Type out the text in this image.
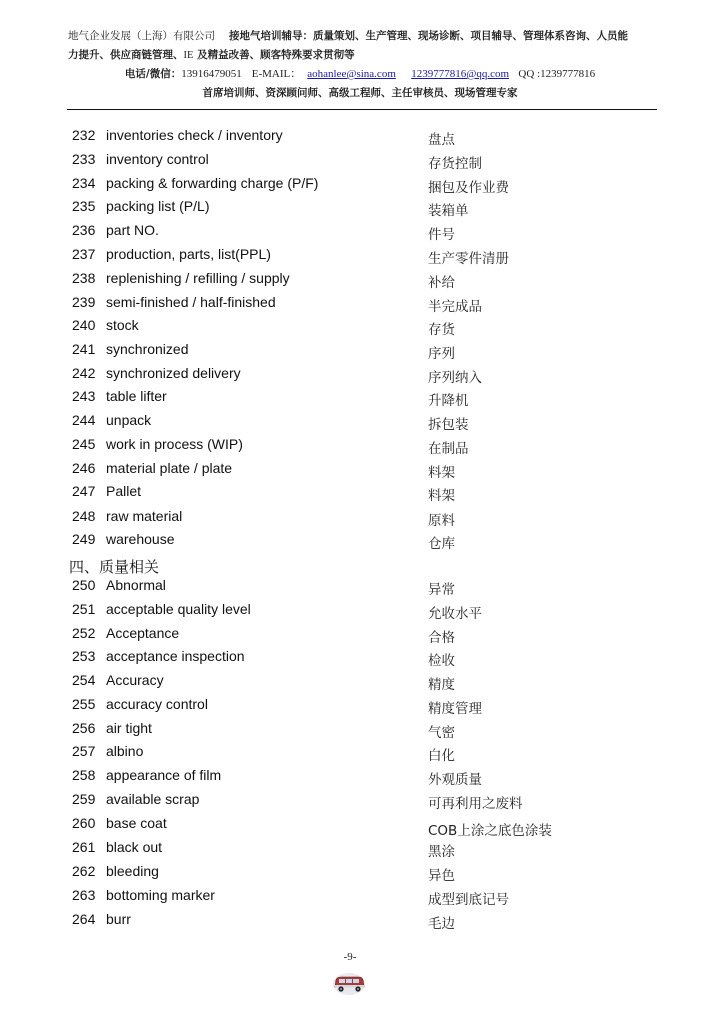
地气企业发展（上海）有限公司 接地气培训辅导：质量策划、生产管理、现场诊断、项目辅导、管理体系咨询、人员能
力提升、供应商链管理、IE 及精益改善、顾客特殊要求贯彻等
电话/微信：13916479051 E-MAIL： aohanlee@sina.com 1239777816@qq.com QQ :1239777816
首席培训师、资深顾问师、高级工程师、主任审核员、现场管理专家
232 inventories check / inventory	盘点
233 inventory control	存货控制
234 packing & forwarding charge (P/F)	捆包及作业费
235 packing list (P/L)	装箱单
236 part NO.	件号
237 production, parts, list(PPL)	生产零件清册
238 replenishing / refilling / supply	补给
239 semi-finished / half-finished	半完成品
240 stock	存货
241 synchronized	序列
242 synchronized delivery	序列纳入
243 table lifter	升降机
244 unpack	拆包装
245 work in process (WIP)	在制品
246 material plate / plate	料架
247 Pallet	料架
248 raw material	原料
249 warehouse	仓库
四、质量相关
250 Abnormal	异常
251 acceptable quality level	允收水平
252 Acceptance	合格
253 acceptance inspection	检收
254 Accuracy	精度
255 accuracy control	精度管理
256 air tight	气密
257 albino	白化
258 appearance of film	外观质量
259 available scrap	可再利用之废料
260 base coat	COB上涂之底色涂装
261 black out	黑涂
262 bleeding	异色
263 bottoming marker	成型到底记号
264 burr	毛边
-9-
